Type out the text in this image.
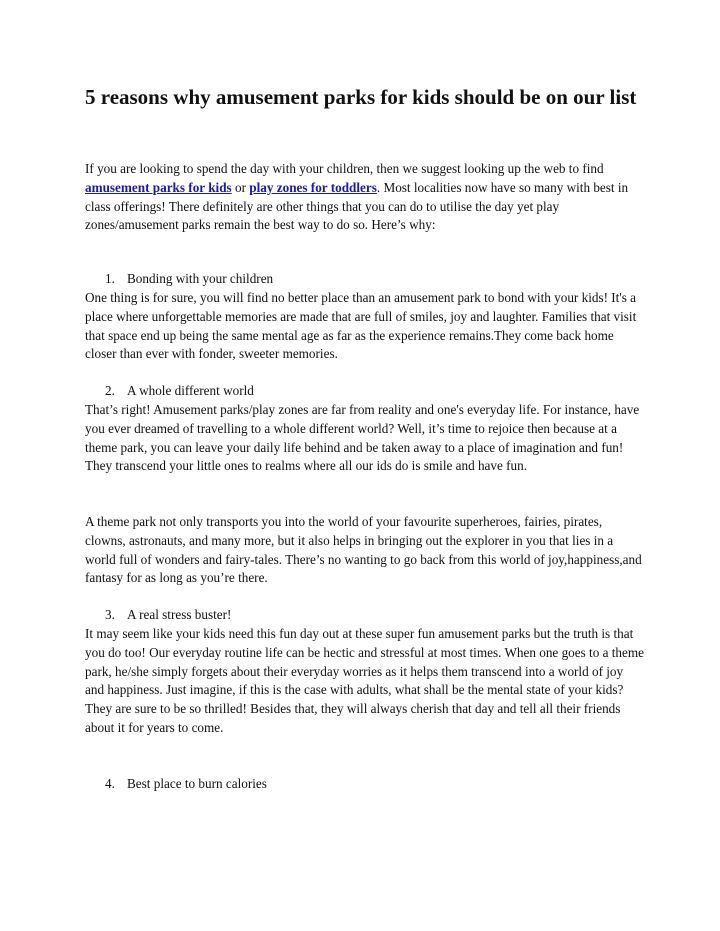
5 reasons why amusement parks for kids should be on our list

If you are looking to spend the day with your children, then we suggest looking up the web to find amusement parks for kids or play zones for toddlers. Most localities now have so many with best in class offerings! There definitely are other things that you can do to utilise the day yet play zones/amusement parks remain the best way to do so. Here’s why:

1. Bonding with your children

One thing is for sure, you will find no better place than an amusement park to bond with your kids! It's a place where unforgettable memories are made that are full of smiles, joy and laughter. Families that visit that space end up being the same mental age as far as the experience remains.They come back home closer than ever with fonder, sweeter memories.

2. A whole different world

That’s right! Amusement parks/play zones are far from reality and one's everyday life. For instance, have you ever dreamed of travelling to a whole different world? Well, it’s time to rejoice then because at a theme park, you can leave your daily life behind and be taken away to a place of imagination and fun! They transcend your little ones to realms where all our ids do is smile and have fun.

A theme park not only transports you into the world of your favourite superheroes, fairies, pirates, clowns, astronauts, and many more, but it also helps in bringing out the explorer in you that lies in a world full of wonders and fairy-tales. There’s no wanting to go back from this world of joy,happiness,and fantasy for as long as you’re there.

3. A real stress buster!

It may seem like your kids need this fun day out at these super fun amusement parks but the truth is that you do too! Our everyday routine life can be hectic and stressful at most times. When one goes to a theme park, he/she simply forgets about their everyday worries as it helps them transcend into a world of joy and happiness. Just imagine, if this is the case with adults, what shall be the mental state of your kids? They are sure to be so thrilled! Besides that, they will always cherish that day and tell all their friends about it for years to come.

4. Best place to burn calories
